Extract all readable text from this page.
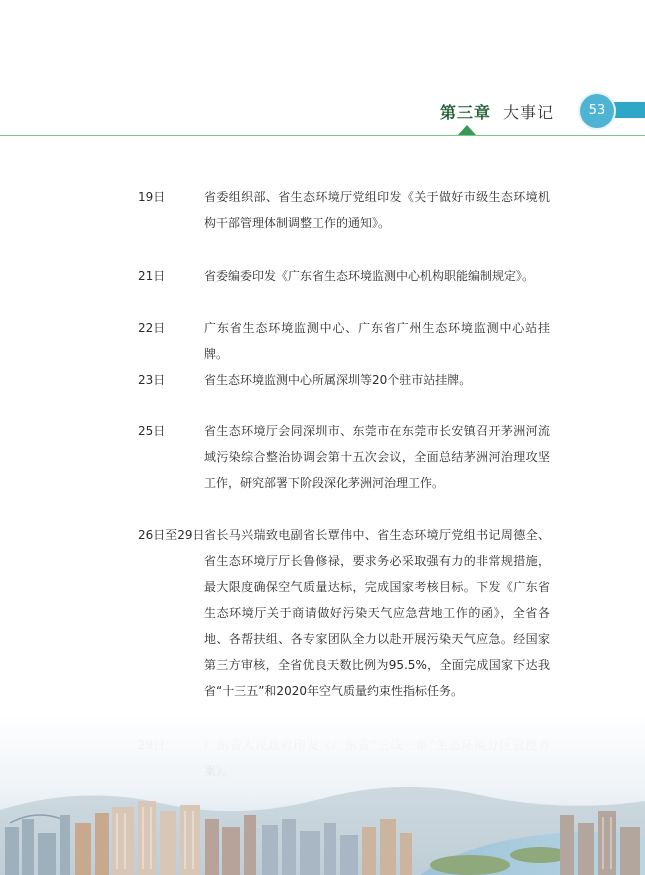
第三章 大事记	53
19日	省委组织部、省生态环境厅党组印发《关于做好市级生态环境机构干部管理体制调整工作的通知》。
21日	省委编委印发《广东省生态环境监测中心机构职能编制规定》。
22日	广东省生态环境监测中心、广东省广州生态环境监测中心站挂牌。
23日	省生态环境监测中心所属深圳等20个驻市站挂牌。
25日	省生态环境厅会同深圳市、东莞市在东莞市长安镇召开茅洲河流域污染综合整治协调会第十五次会议，全面总结茅洲河治理攻坚工作，研究部署下阶段深化茅洲河治理工作。
26日至29日 省长马兴瑞致电副省长覃伟中、省生态环境厅党组书记周德全、省生态环境厅厅长鲁修禄，要求务必采取强有力的非常规措施，最大限度确保空气质量达标，完成国家考核目标。下发《广东省生态环境厅关于商请做好污染天气应急营地工作的函》，全省各地、各帮扶组、各专家团队全力以赴开展污染天气应急。经国家第三方审核，全省优良天数比例为95.5%，全面完成国家下达我省“十三五”和2020年空气质量约束性指标任务。
